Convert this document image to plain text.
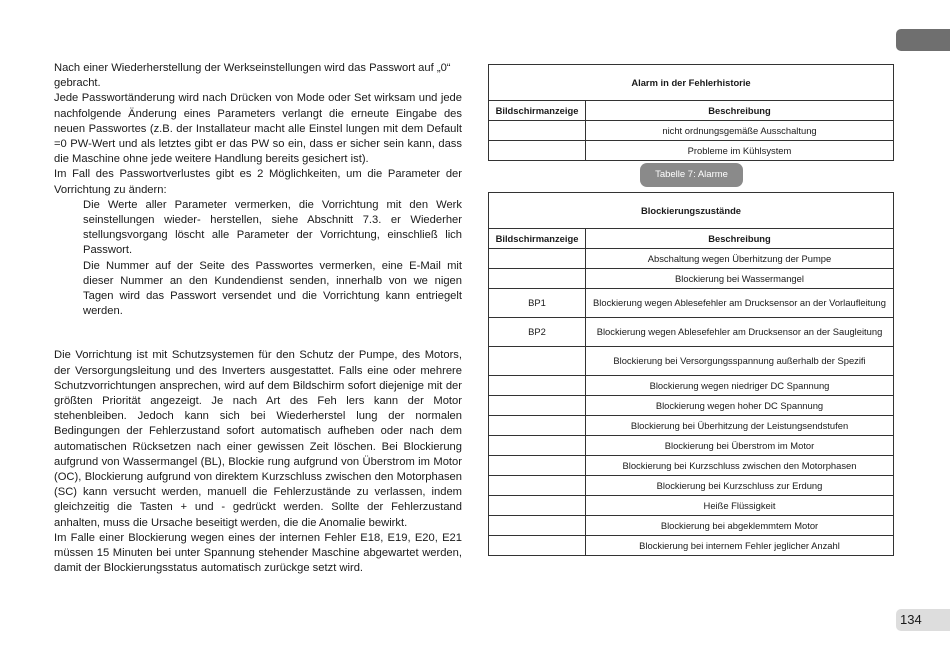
Nach einer Wiederherstellung der Werkseinstellungen wird das Passwort auf „0“ gebracht.

Jede Passwortänderung wird nach Drücken von Mode oder Set wirksam und jede nachfolgende Änderung eines Parameters verlangt die erneute Eingabe des neuen Passwortes (z.B. der Installateur macht alle Einstel lungen mit dem Default =0 PW-Wert und als letztes gibt er das PW so ein, dass er sicher sein kann, dass die Maschine ohne jede weitere Handlung bereits gesichert ist).

Im Fall des Passwortverlustes gibt es 2 Möglichkeiten, um die Parameter der Vorrichtung zu ändern:

Die Werte aller Parameter vermerken, die Vorrichtung mit den Werk seinstellungen wieder- herstellen, siehe Abschnitt 7.3. er Wiederher stellungsvorgang löscht alle Parameter der Vorrichtung, einschließ lich Passwort.

Die Nummer auf der Seite des Passwortes vermerken, eine E-Mail mit dieser Nummer an den Kundendienst senden, innerhalb von we nigen Tagen wird das Passwort versendet und die Vorrichtung kann entriegelt werden.

Die Vorrichtung ist mit Schutzsystemen für den Schutz der Pumpe, des Motors, der Versorgungsleitung und des Inverters ausgestattet. Falls eine oder mehrere Schutzvorrichtungen ansprechen, wird auf dem Bildschirm sofort diejenige mit der größten Priorität angezeigt. Je nach Art des Feh lers kann der Motor stehenbleiben. Jedoch kann sich bei Wiederherstel lung der normalen Bedingungen der Fehlerzustand sofort automatisch aufheben oder nach dem automatischen Rücksetzen nach einer gewissen Zeit löschen. Bei Blockierung aufgrund von Wassermangel (BL), Blockie rung aufgrund von Überstrom im Motor (OC), Blockierung aufgrund von direktem Kurzschluss zwischen den Motorphasen (SC) kann versucht werden, manuell die Fehlerzustände zu verlassen, indem gleichzeitig die Tasten + und - gedrückt werden. Sollte der Fehlerzustand anhalten, muss die Ursache beseitigt werden, die die Anomalie bewirkt.

Im Falle einer Blockierung wegen eines der internen Fehler E18, E19, E20, E21 müssen 15 Minuten bei unter Spannung stehender Maschine abgewartet werden, damit der Blockierungsstatus automatisch zurückge setzt wird.

Alarm in der Fehlerhistorie	
Bildschirmanzeige	Beschreibung
	nicht ordnungsgemäße Ausschaltung
	Probleme im Kühlsystem
Tabelle 7: Alarme
Blockierungszustände	
Bildschirmanzeige	Beschreibung
	Abschaltung wegen Überhitzung der Pumpe
	Blockierung bei Wassermangel
BP1	Blockierung wegen Ablesefehler am Drucksensor an der Vorlaufleitung
BP2	Blockierung wegen Ablesefehler am Drucksensor an der Saugleitung
	Blockierung bei Versorgungsspannung außerhalb der Spezifi
	Blockierung wegen niedriger DC Spannung
	Blockierung wegen hoher DC Spannung
	Blockierung bei Überhitzung der Leistungsendstufen
	Blockierung bei Überstrom im Motor
	Blockierung bei Kurzschluss zwischen den Motorphasen
	Blockierung bei Kurzschluss zur Erdung
	Heiße Flüssigkeit
	Blockierung bei abgeklemmtem Motor
	Blockierung bei internem Fehler jeglicher Anzahl
134
